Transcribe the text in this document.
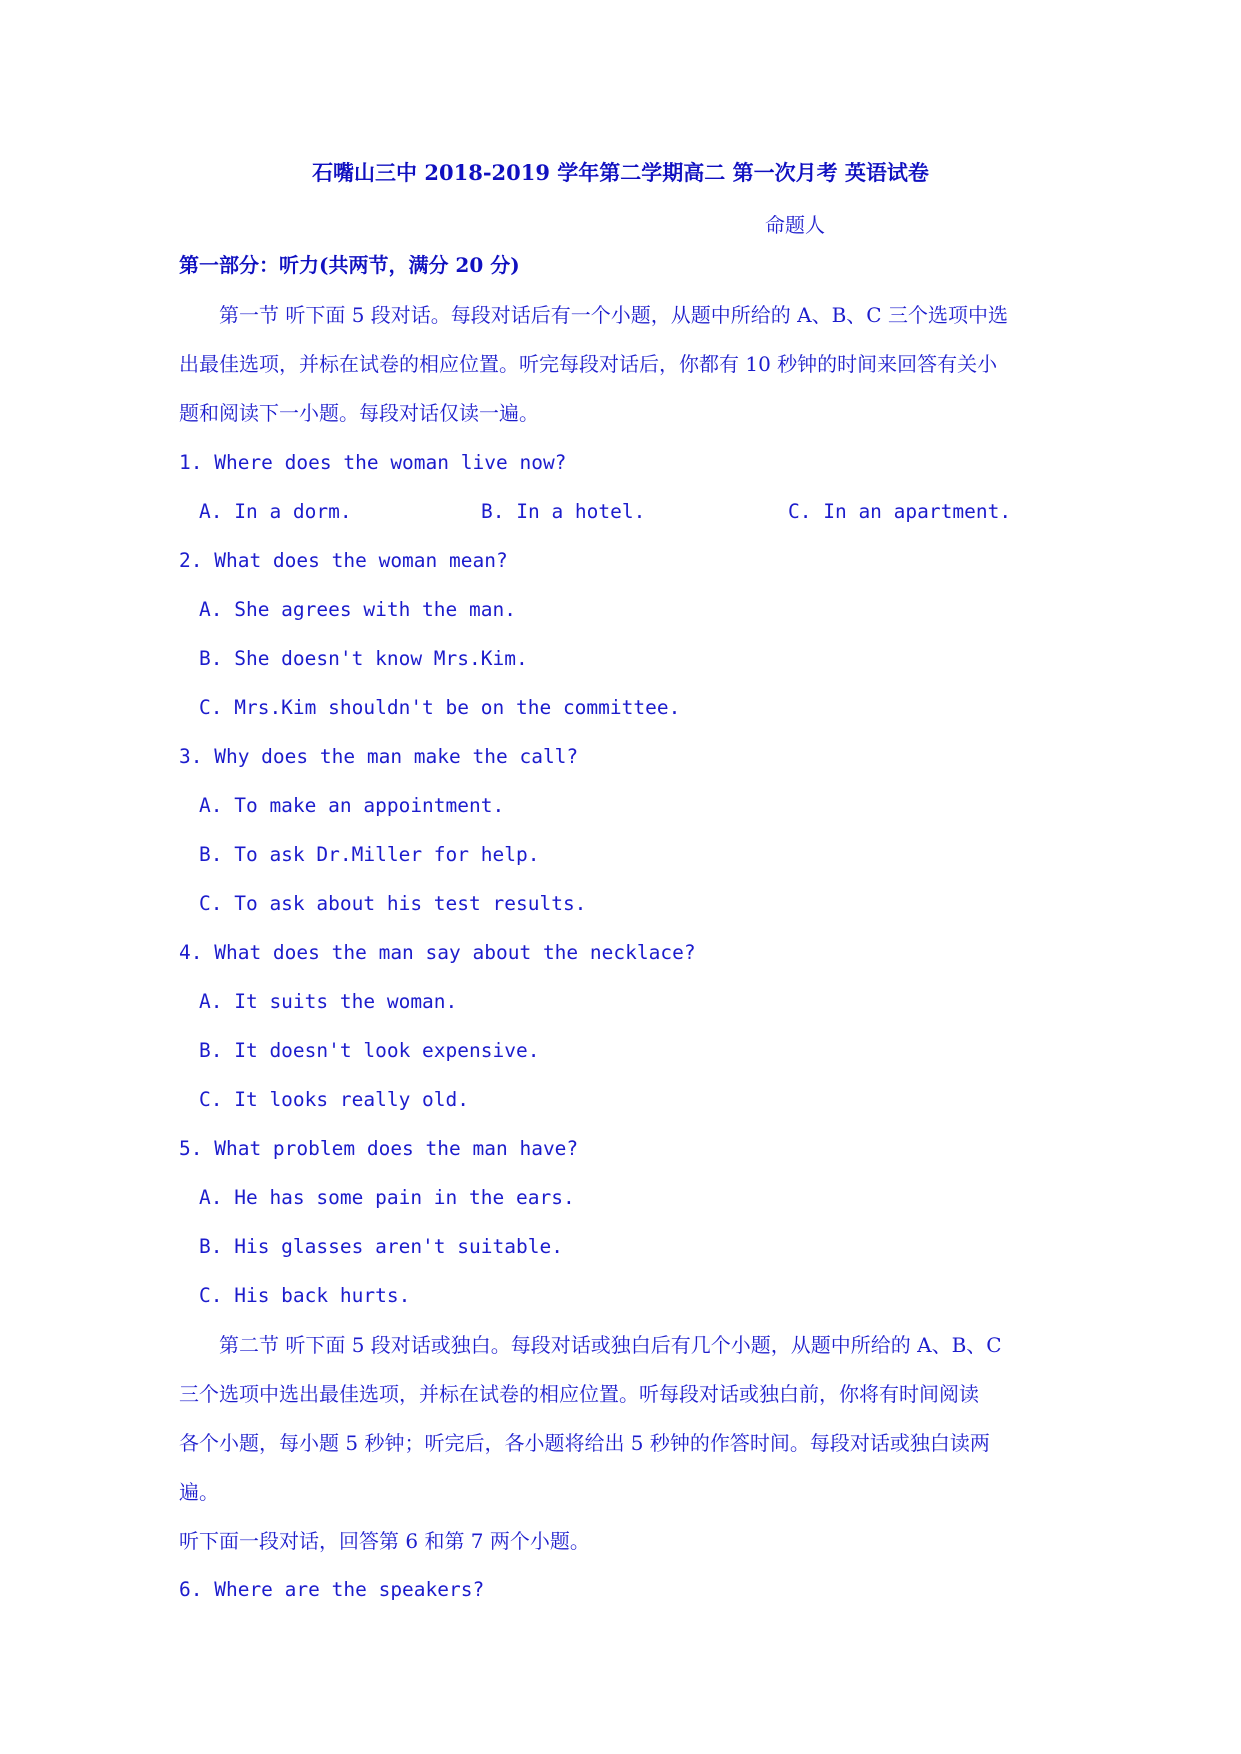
石嘴山三中 2018-2019 学年第二学期高二 第一次月考 英语试卷
命题人
第一部分：听力(共两节，满分 20 分)
第一节 听下面 5 段对话。每段对话后有一个小题，从题中所给的 A、B、C 三个选项中选
出最佳选项，并标在试卷的相应位置。听完每段对话后，你都有 10 秒钟的时间来回答有关小
题和阅读下一小题。每段对话仅读一遍。
1. Where does the woman live now?
A. In a dorm.	B. In a hotel.	C. In an apartment.
2. What does the woman mean?
A. She agrees with the man.
B. She doesn't know Mrs.Kim.
C. Mrs.Kim shouldn't be on the committee.
3. Why does the man make the call?
A. To make an appointment.
B. To ask Dr.Miller for help.
C. To ask about his test results.
4. What does the man say about the necklace?
A. It suits the woman.
B. It doesn't look expensive.
C. It looks really old.
5. What problem does the man have?
A. He has some pain in the ears.
B. His glasses aren't suitable.
C. His back hurts.
第二节 听下面 5 段对话或独白。每段对话或独白后有几个小题，从题中所给的 A、B、C
三个选项中选出最佳选项，并标在试卷的相应位置。听每段对话或独白前，你将有时间阅读
各个小题，每小题 5 秒钟；听完后，各小题将给出 5 秒钟的作答时间。每段对话或独白读两
遍。
听下面一段对话，回答第 6 和第 7 两个小题。
6. Where are the speakers?
